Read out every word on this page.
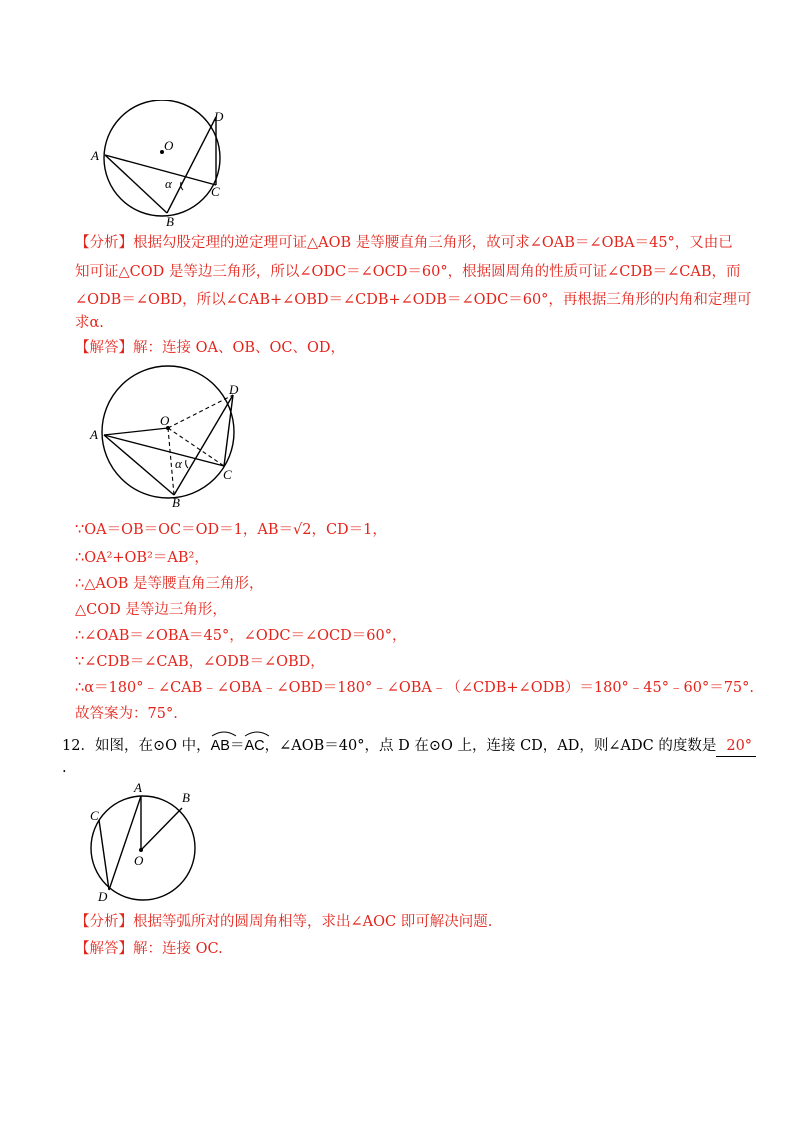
A
O
D
C
B
α
【分析】根据勾股定理的逆定理可证△AOB 是等腰直角三角形，故可求∠OAB＝∠OBA＝45°，又由已
知可证△COD 是等边三角形，所以∠ODC＝∠OCD＝60°，根据圆周角的性质可证∠CDB＝∠CAB，而
∠ODB＝∠OBD，所以∠CAB+∠OBD＝∠CDB+∠ODB＝∠ODC＝60°，再根据三角形的内角和定理可
求α.
【解答】解：连接 OA、OB、OC、OD，
A
O
D
C
B
α
∵OA＝OB＝OC＝OD＝1，AB＝√2，CD＝1，
∴OA²+OB²＝AB²，
∴△AOB 是等腰直角三角形，
△COD 是等边三角形，
∴∠OAB＝∠OBA＝45°，∠ODC＝∠OCD＝60°，
∵∠CDB＝∠CAB，∠ODB＝∠OBD，
∴α＝180°﹣∠CAB﹣∠OBA﹣∠OBD＝180°﹣∠OBA﹣（∠CDB+∠ODB）＝180°﹣45°﹣60°＝75°.
故答案为：75°.
12．如图，在⊙O 中，
AB＝
AC，∠AOB＝40°，点 D 在⊙O 上，连接 CD，AD，则∠ADC 的度数是 20°
.
A
B
C
D
O
【分析】根据等弧所对的圆周角相等，求出∠AOC 即可解决问题.
【解答】解：连接 OC.
